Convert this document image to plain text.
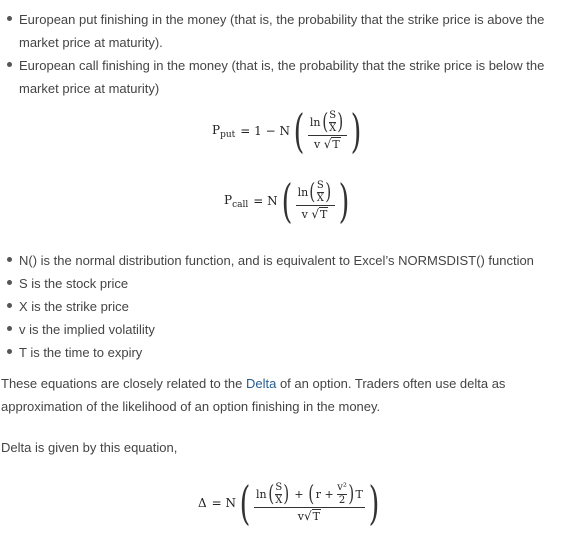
European put finishing in the money (that is, the probability that the strike price is above the market price at maturity).
European call finishing in the money (that is, the probability that the strike price is below the market price at maturity)
$P_{put} = 1 - N$ ( ln ( S
X )
v
√ T )
$P_{call} = N$ ( ln ( S
X )
v
√ T )
N() is the normal distribution function, and is equivalent to Excel’s NORMSDIST() function
S is the stock price
X is the strike price
v is the implied volatility
T is the time to expiry

These equations are closely related to the Delta of an option. Traders often use delta as approximation of the likelihood of an option finishing in the money.

Delta is given by this equation,

Δ = N ( ln ( S
X )
+
( r
+

v²
2 ) T
v √ T )
